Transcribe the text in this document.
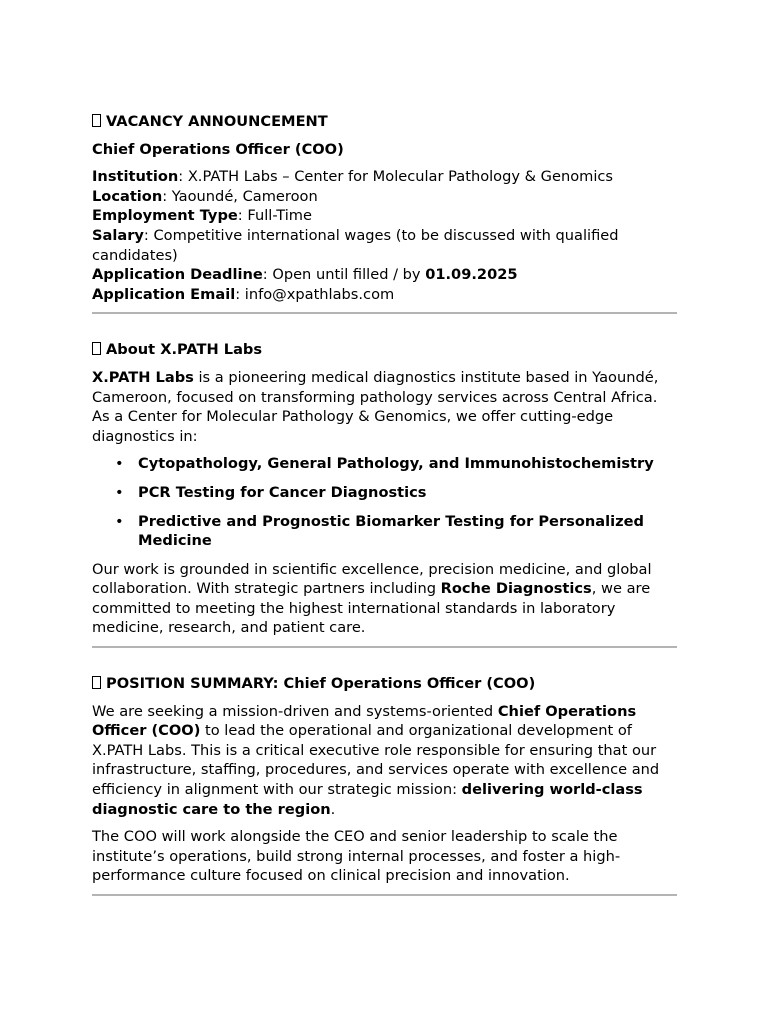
VACANCY ANNOUNCEMENT
Chief Operations Officer (COO)

Institution: X.PATH Labs – Center for Molecular Pathology & Genomics

Location: Yaoundé, Cameroon

Employment Type: Full-Time

Salary: Competitive international wages (to be discussed with qualified candidates)

Application Deadline: Open until filled / by 01.09.2025

Application Email: info@xpathlabs.com

About X.PATH Labs

X.PATH Labs is a pioneering medical diagnostics institute based in Yaoundé, Cameroon, focused on transforming pathology services across Central Africa. As a Center for Molecular Pathology & Genomics, we offer cutting-edge diagnostics in:

• Cytopathology, General Pathology, and Immunohistochemistry
• PCR Testing for Cancer Diagnostics
• Predictive and Prognostic Biomarker Testing for Personalized Medicine

Our work is grounded in scientific excellence, precision medicine, and global collaboration. With strategic partners including Roche Diagnostics, we are committed to meeting the highest international standards in laboratory medicine, research, and patient care.

POSITION SUMMARY: Chief Operations Officer (COO)

We are seeking a mission-driven and systems-oriented Chief Operations Officer (COO) to lead the operational and organizational development of X.PATH Labs. This is a critical executive role responsible for ensuring that our infrastructure, staffing, procedures, and services operate with excellence and efficiency in alignment with our strategic mission: delivering world-class diagnostic care to the region.

The COO will work alongside the CEO and senior leadership to scale the institute’s operations, build strong internal processes, and foster a high-performance culture focused on clinical precision and innovation.
